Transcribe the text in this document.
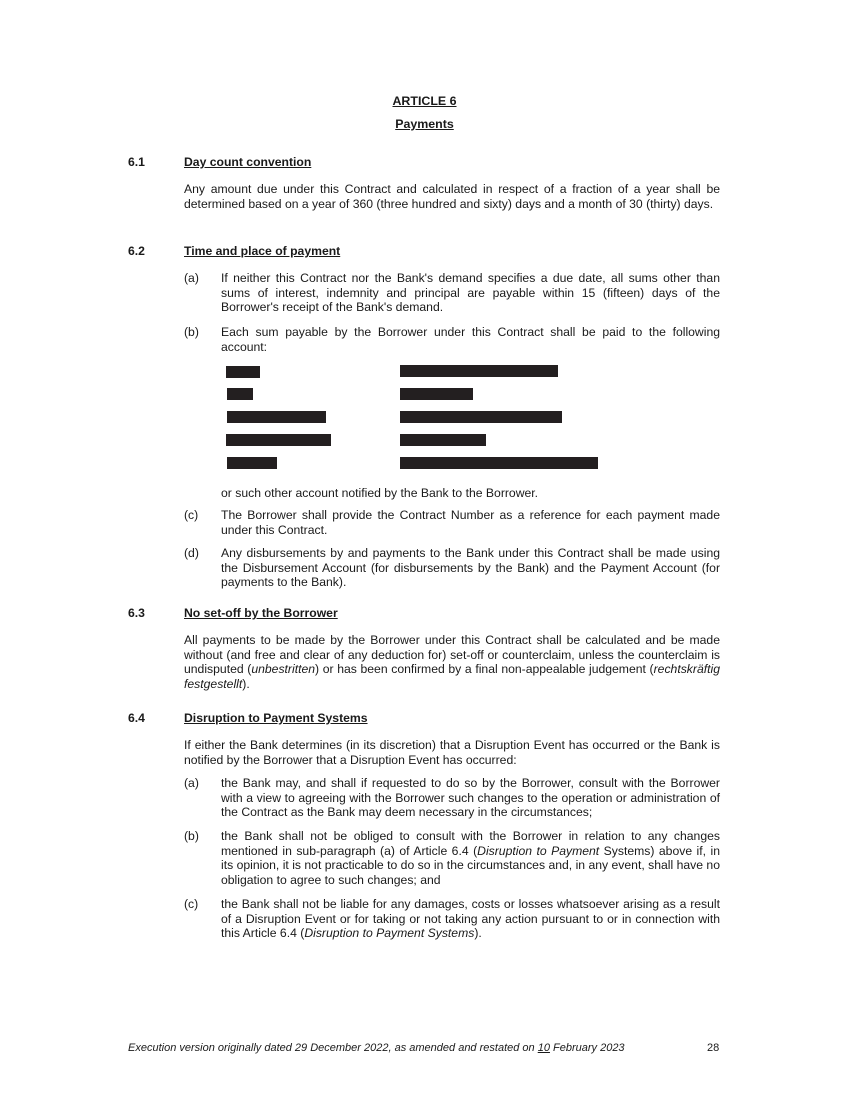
ARTICLE 6
Payments
6.1	Day count convention

Any amount due under this Contract and calculated in respect of a fraction of a year shall be determined based on a year of 360 (three hundred and sixty) days and a month of 30 (thirty) days.

6.2	Time and place of payment
(a) If neither this Contract nor the Bank's demand specifies a due date, all sums other than sums of interest, indemnity and principal are payable within 15 (fifteen) days of the Borrower's receipt of the Bank's demand.

(b) Each sum payable by the Borrower under this Contract shall be paid to the following account:

or such other account notified by the Bank to the Borrower.

(c) The Borrower shall provide the Contract Number as a reference for each payment made under this Contract.

(d) Any disbursements by and payments to the Bank under this Contract shall be made using the Disbursement Account (for disbursements by the Bank) and the Payment Account (for payments to the Bank).

6.3	No set-off by the Borrower

All payments to be made by the Borrower under this Contract shall be calculated and be made without (and free and clear of any deduction for) set-off or counterclaim, unless the counterclaim is undisputed (unbestritten) or has been confirmed by a final non-appealable judgement (rechtskräftig festgestellt).

6.4	Disruption to Payment Systems

If either the Bank determines (in its discretion) that a Disruption Event has occurred or the Bank is notified by the Borrower that a Disruption Event has occurred:

(a) the Bank may, and shall if requested to do so by the Borrower, consult with the Borrower with a view to agreeing with the Borrower such changes to the operation or administration of the Contract as the Bank may deem necessary in the circumstances;

(b) the Bank shall not be obliged to consult with the Borrower in relation to any changes mentioned in sub-paragraph (a) of Article 6.4 (Disruption to Payment Systems) above if, in its opinion, it is not practicable to do so in the circumstances and, in any event, shall have no obligation to agree to such changes; and

(c) the Bank shall not be liable for any damages, costs or losses whatsoever arising as a result of a Disruption Event or for taking or not taking any action pursuant to or in connection with this Article 6.4 (Disruption to Payment Systems).

Execution version originally dated 29 December 2022, as amended and restated on 10 February 2023	28
